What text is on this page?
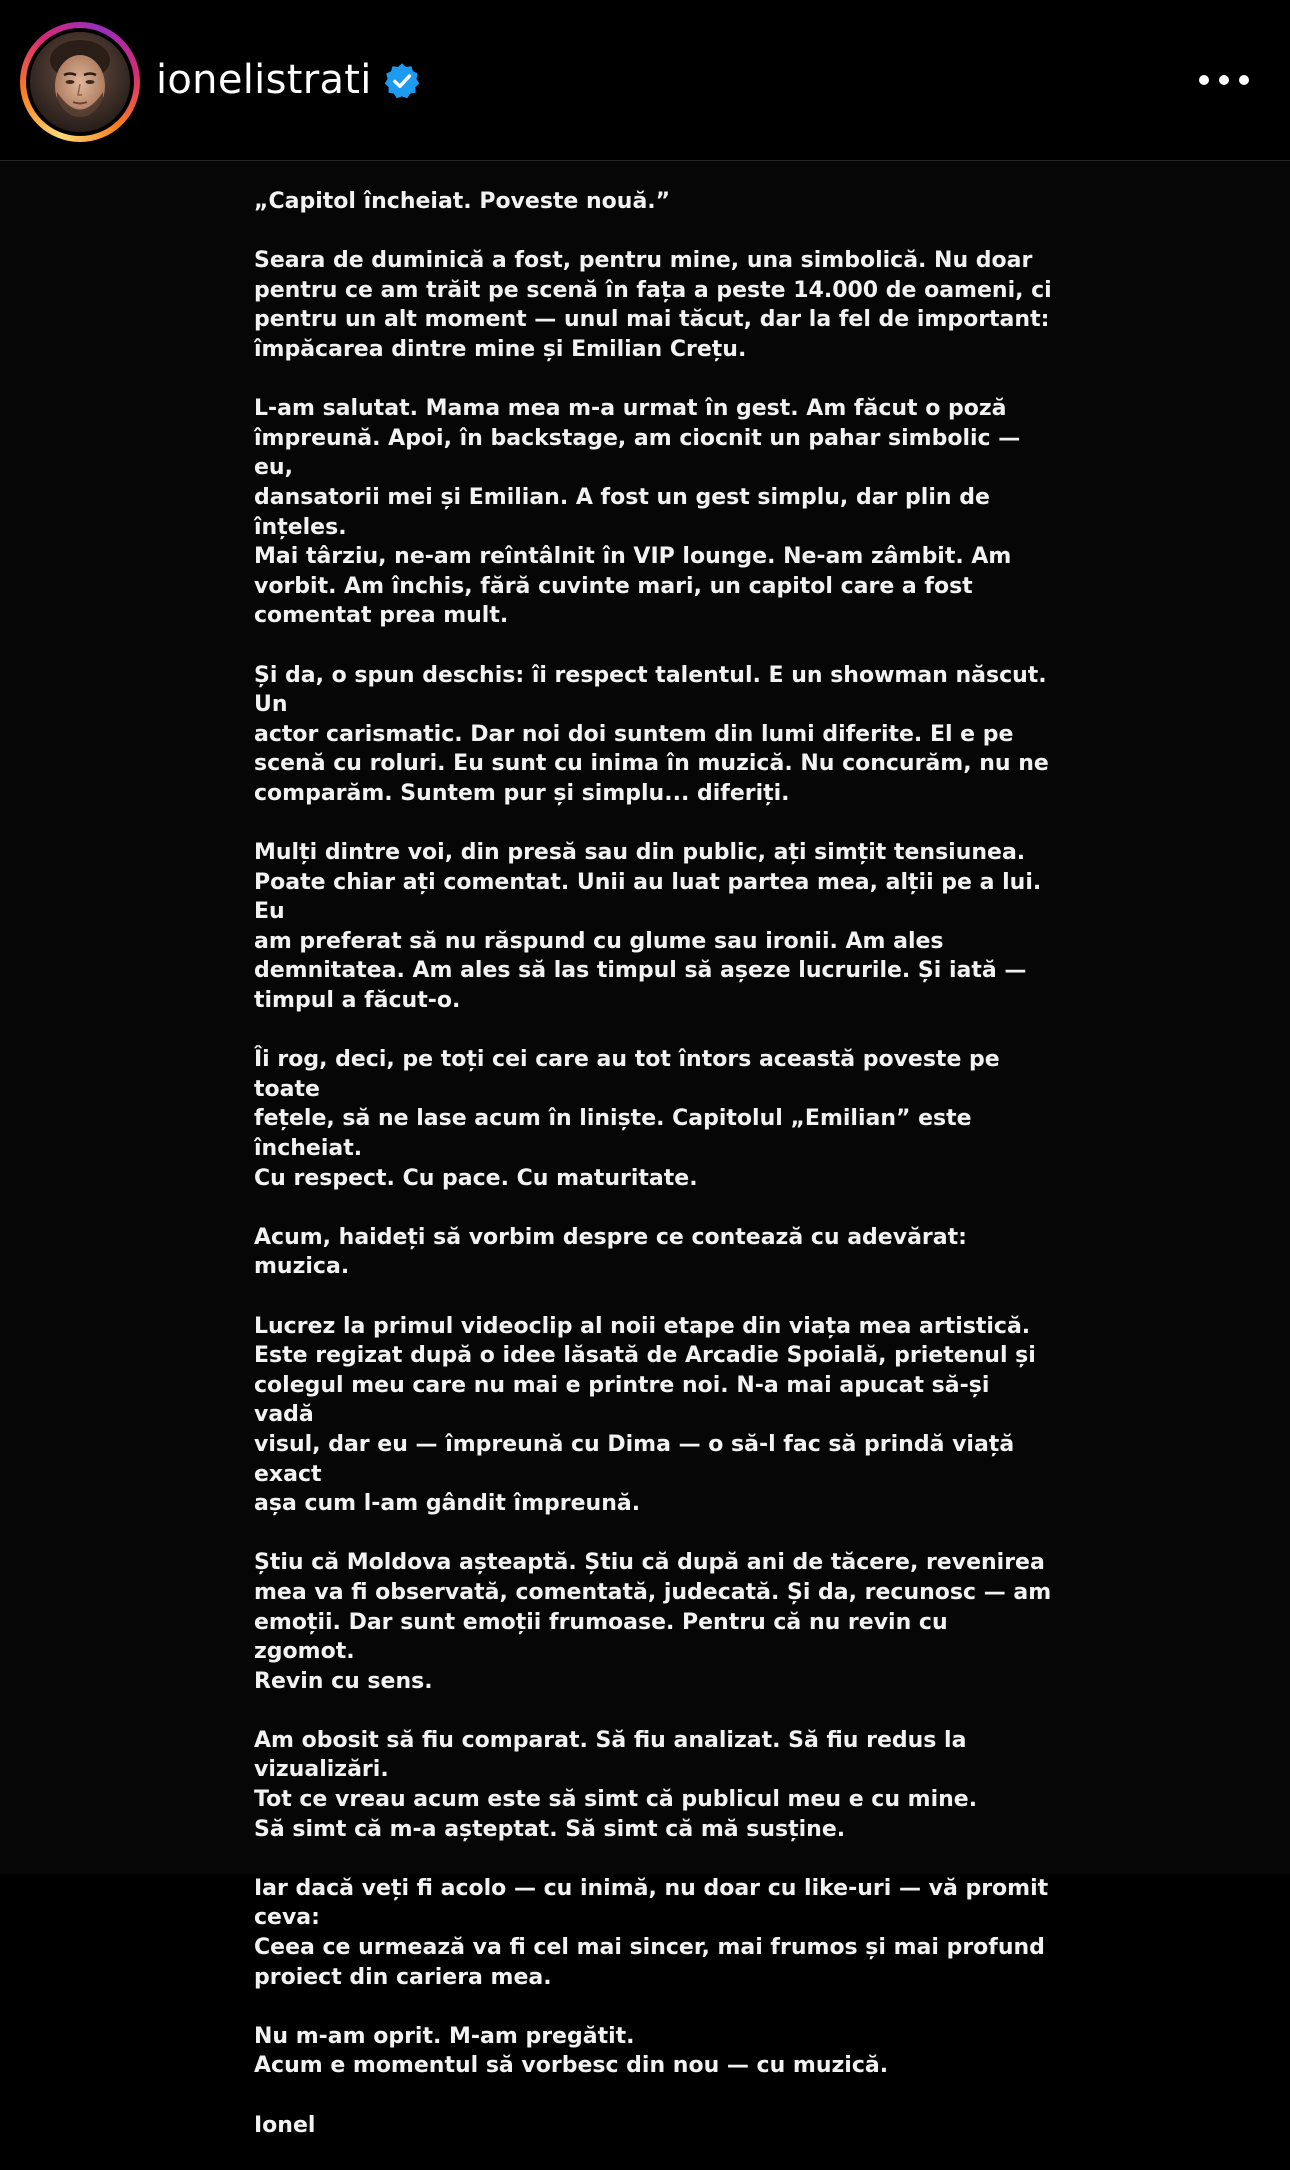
ionelistrati

„Capitol încheiat. Poveste nouă.”

Seara de duminică a fost, pentru mine, una simbolică. Nu doar
pentru ce am trăit pe scenă în fața a peste 14.000 de oameni, ci
pentru un alt moment — unul mai tăcut, dar la fel de important:
împăcarea dintre mine și Emilian Crețu.

L-am salutat. Mama mea m-a urmat în gest. Am făcut o poză
împreună. Apoi, în backstage, am ciocnit un pahar simbolic — eu,
dansatorii mei și Emilian. A fost un gest simplu, dar plin de înțeles.
Mai târziu, ne-am reîntâlnit în VIP lounge. Ne-am zâmbit. Am
vorbit. Am închis, fără cuvinte mari, un capitol care a fost
comentat prea mult.

Și da, o spun deschis: îi respect talentul. E un showman născut. Un
actor carismatic. Dar noi doi suntem din lumi diferite. El e pe
scenă cu roluri. Eu sunt cu inima în muzică. Nu concurăm, nu ne
comparăm. Suntem pur și simplu... diferiți.

Mulți dintre voi, din presă sau din public, ați simțit tensiunea.
Poate chiar ați comentat. Unii au luat partea mea, alții pe a lui. Eu
am preferat să nu răspund cu glume sau ironii. Am ales
demnitatea. Am ales să las timpul să așeze lucrurile. Și iată —
timpul a făcut-o.

Îi rog, deci, pe toți cei care au tot întors această poveste pe toate
fețele, să ne lase acum în liniște. Capitolul „Emilian” este încheiat.
Cu respect. Cu pace. Cu maturitate.

Acum, haideți să vorbim despre ce contează cu adevărat: muzica.

Lucrez la primul videoclip al noii etape din viața mea artistică.
Este regizat după o idee lăsată de Arcadie Spoială, prietenul și
colegul meu care nu mai e printre noi. N-a mai apucat să-și vadă
visul, dar eu — împreună cu Dima — o să-l fac să prindă viață exact
așa cum l-am gândit împreună.

Știu că Moldova așteaptă. Știu că după ani de tăcere, revenirea
mea va fi observată, comentată, judecată. Și da, recunosc — am
emoții. Dar sunt emoții frumoase. Pentru că nu revin cu zgomot.
Revin cu sens.

Am obosit să fiu comparat. Să fiu analizat. Să fiu redus la
vizualizări.
Tot ce vreau acum este să simt că publicul meu e cu mine.
Să simt că m-a așteptat. Să simt că mă susține.

Iar dacă veți fi acolo — cu inimă, nu doar cu like-uri — vă promit
ceva:
Ceea ce urmează va fi cel mai sincer, mai frumos și mai profund
proiect din cariera mea.

Nu m-am oprit. M-am pregătit.
Acum e momentul să vorbesc din nou — cu muzică.

Ionel
